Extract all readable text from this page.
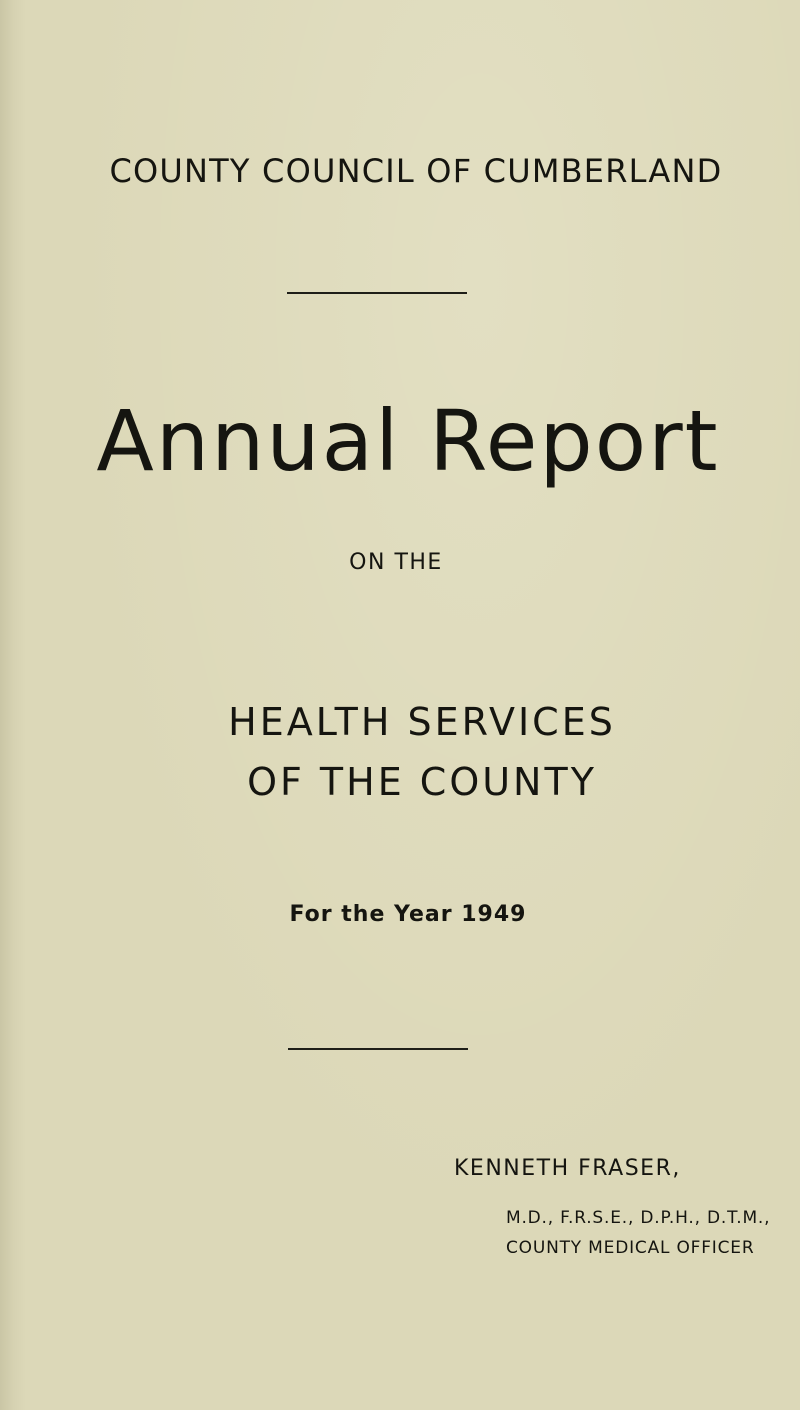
COUNTY COUNCIL OF CUMBERLAND

Annual Report

ON THE

HEALTH SERVICES

OF THE COUNTY

For the Year 1949

KENNETH FRASER,
M.D., F.R.S.E., D.P.H., D.T.M.,
COUNTY MEDICAL OFFICER
